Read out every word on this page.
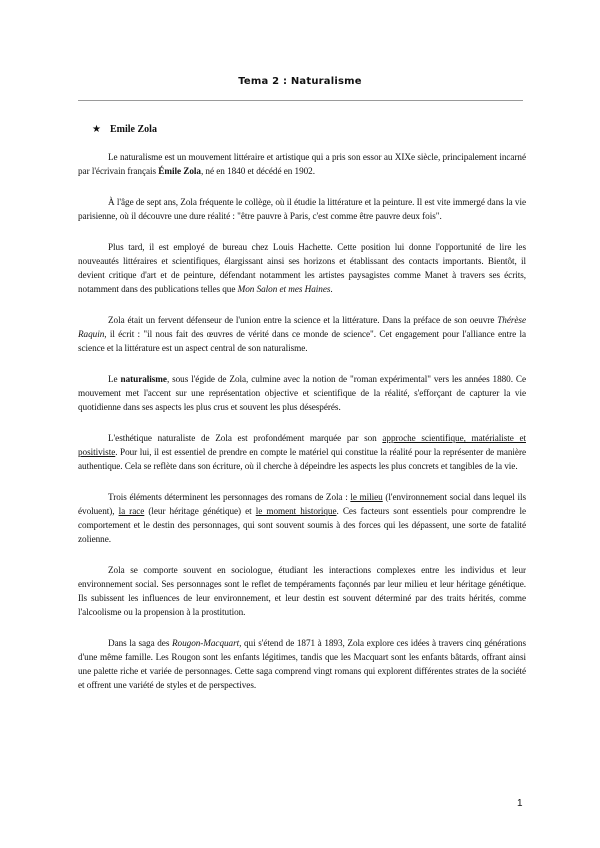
Tema 2 : Naturalisme
★ Emile Zola

Le naturalisme est un mouvement littéraire et artistique qui a pris son essor au XIXe siècle, principalement incarné par l'écrivain français Émile Zola, né en 1840 et décédé en 1902.

À l'âge de sept ans, Zola fréquente le collège, où il étudie la littérature et la peinture. Il est vite immergé dans la vie parisienne, où il découvre une dure réalité : "être pauvre à Paris, c'est comme être pauvre deux fois".

Plus tard, il est employé de bureau chez Louis Hachette. Cette position lui donne l'opportunité de lire les nouveautés littéraires et scientifiques, élargissant ainsi ses horizons et établissant des contacts importants. Bientôt, il devient critique d'art et de peinture, défendant notamment les artistes paysagistes comme Manet à travers ses écrits, notamment dans des publications telles que Mon Salon et mes Haines.

Zola était un fervent défenseur de l'union entre la science et la littérature. Dans la préface de son oeuvre Thérèse Raquin, il écrit : "il nous fait des œuvres de vérité dans ce monde de science". Cet engagement pour l'alliance entre la science et la littérature est un aspect central de son naturalisme.

Le naturalisme, sous l'égide de Zola, culmine avec la notion de "roman expérimental" vers les années 1880. Ce mouvement met l'accent sur une représentation objective et scientifique de la réalité, s'efforçant de capturer la vie quotidienne dans ses aspects les plus crus et souvent les plus désespérés.

L'esthétique naturaliste de Zola est profondément marquée par son approche scientifique, matérialiste et positiviste. Pour lui, il est essentiel de prendre en compte le matériel qui constitue la réalité pour la représenter de manière authentique. Cela se reflète dans son écriture, où il cherche à dépeindre les aspects les plus concrets et tangibles de la vie.

Trois éléments déterminent les personnages des romans de Zola : le milieu (l'environnement social dans lequel ils évoluent), la race (leur héritage génétique) et le moment historique. Ces facteurs sont essentiels pour comprendre le comportement et le destin des personnages, qui sont souvent soumis à des forces qui les dépassent, une sorte de fatalité zolienne.

Zola se comporte souvent en sociologue, étudiant les interactions complexes entre les individus et leur environnement social. Ses personnages sont le reflet de tempéraments façonnés par leur milieu et leur héritage génétique. Ils subissent les influences de leur environnement, et leur destin est souvent déterminé par des traits hérités, comme l'alcoolisme ou la propension à la prostitution.

Dans la saga des Rougon-Macquart, qui s'étend de 1871 à 1893, Zola explore ces idées à travers cinq générations d'une même famille. Les Rougon sont les enfants légitimes, tandis que les Macquart sont les enfants bâtards, offrant ainsi une palette riche et variée de personnages. Cette saga comprend vingt romans qui explorent différentes strates de la société et offrent une variété de styles et de perspectives.

1
